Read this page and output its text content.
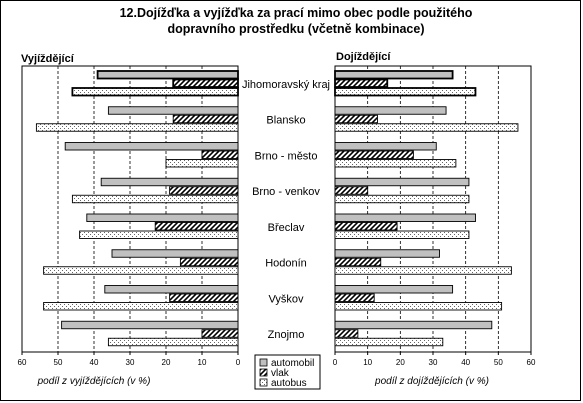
12.Dojížďka a vyjížďka za prací mimo obec podle použitého
dopravního prostředku (včetně kombinace)
Vyjíždějící	Dojíždějící
60	50	40	30	20	10	0	0	10	20	30	40	50	60
Jihomoravský kraj
Blansko
Brno - město
Brno - venkov
Břeclav
Hodonín
Vyškov
Znojmo
podíl z vyjíždějících (v %)	podíl z dojíždějících (v %)
automobil
vlak
autobus
